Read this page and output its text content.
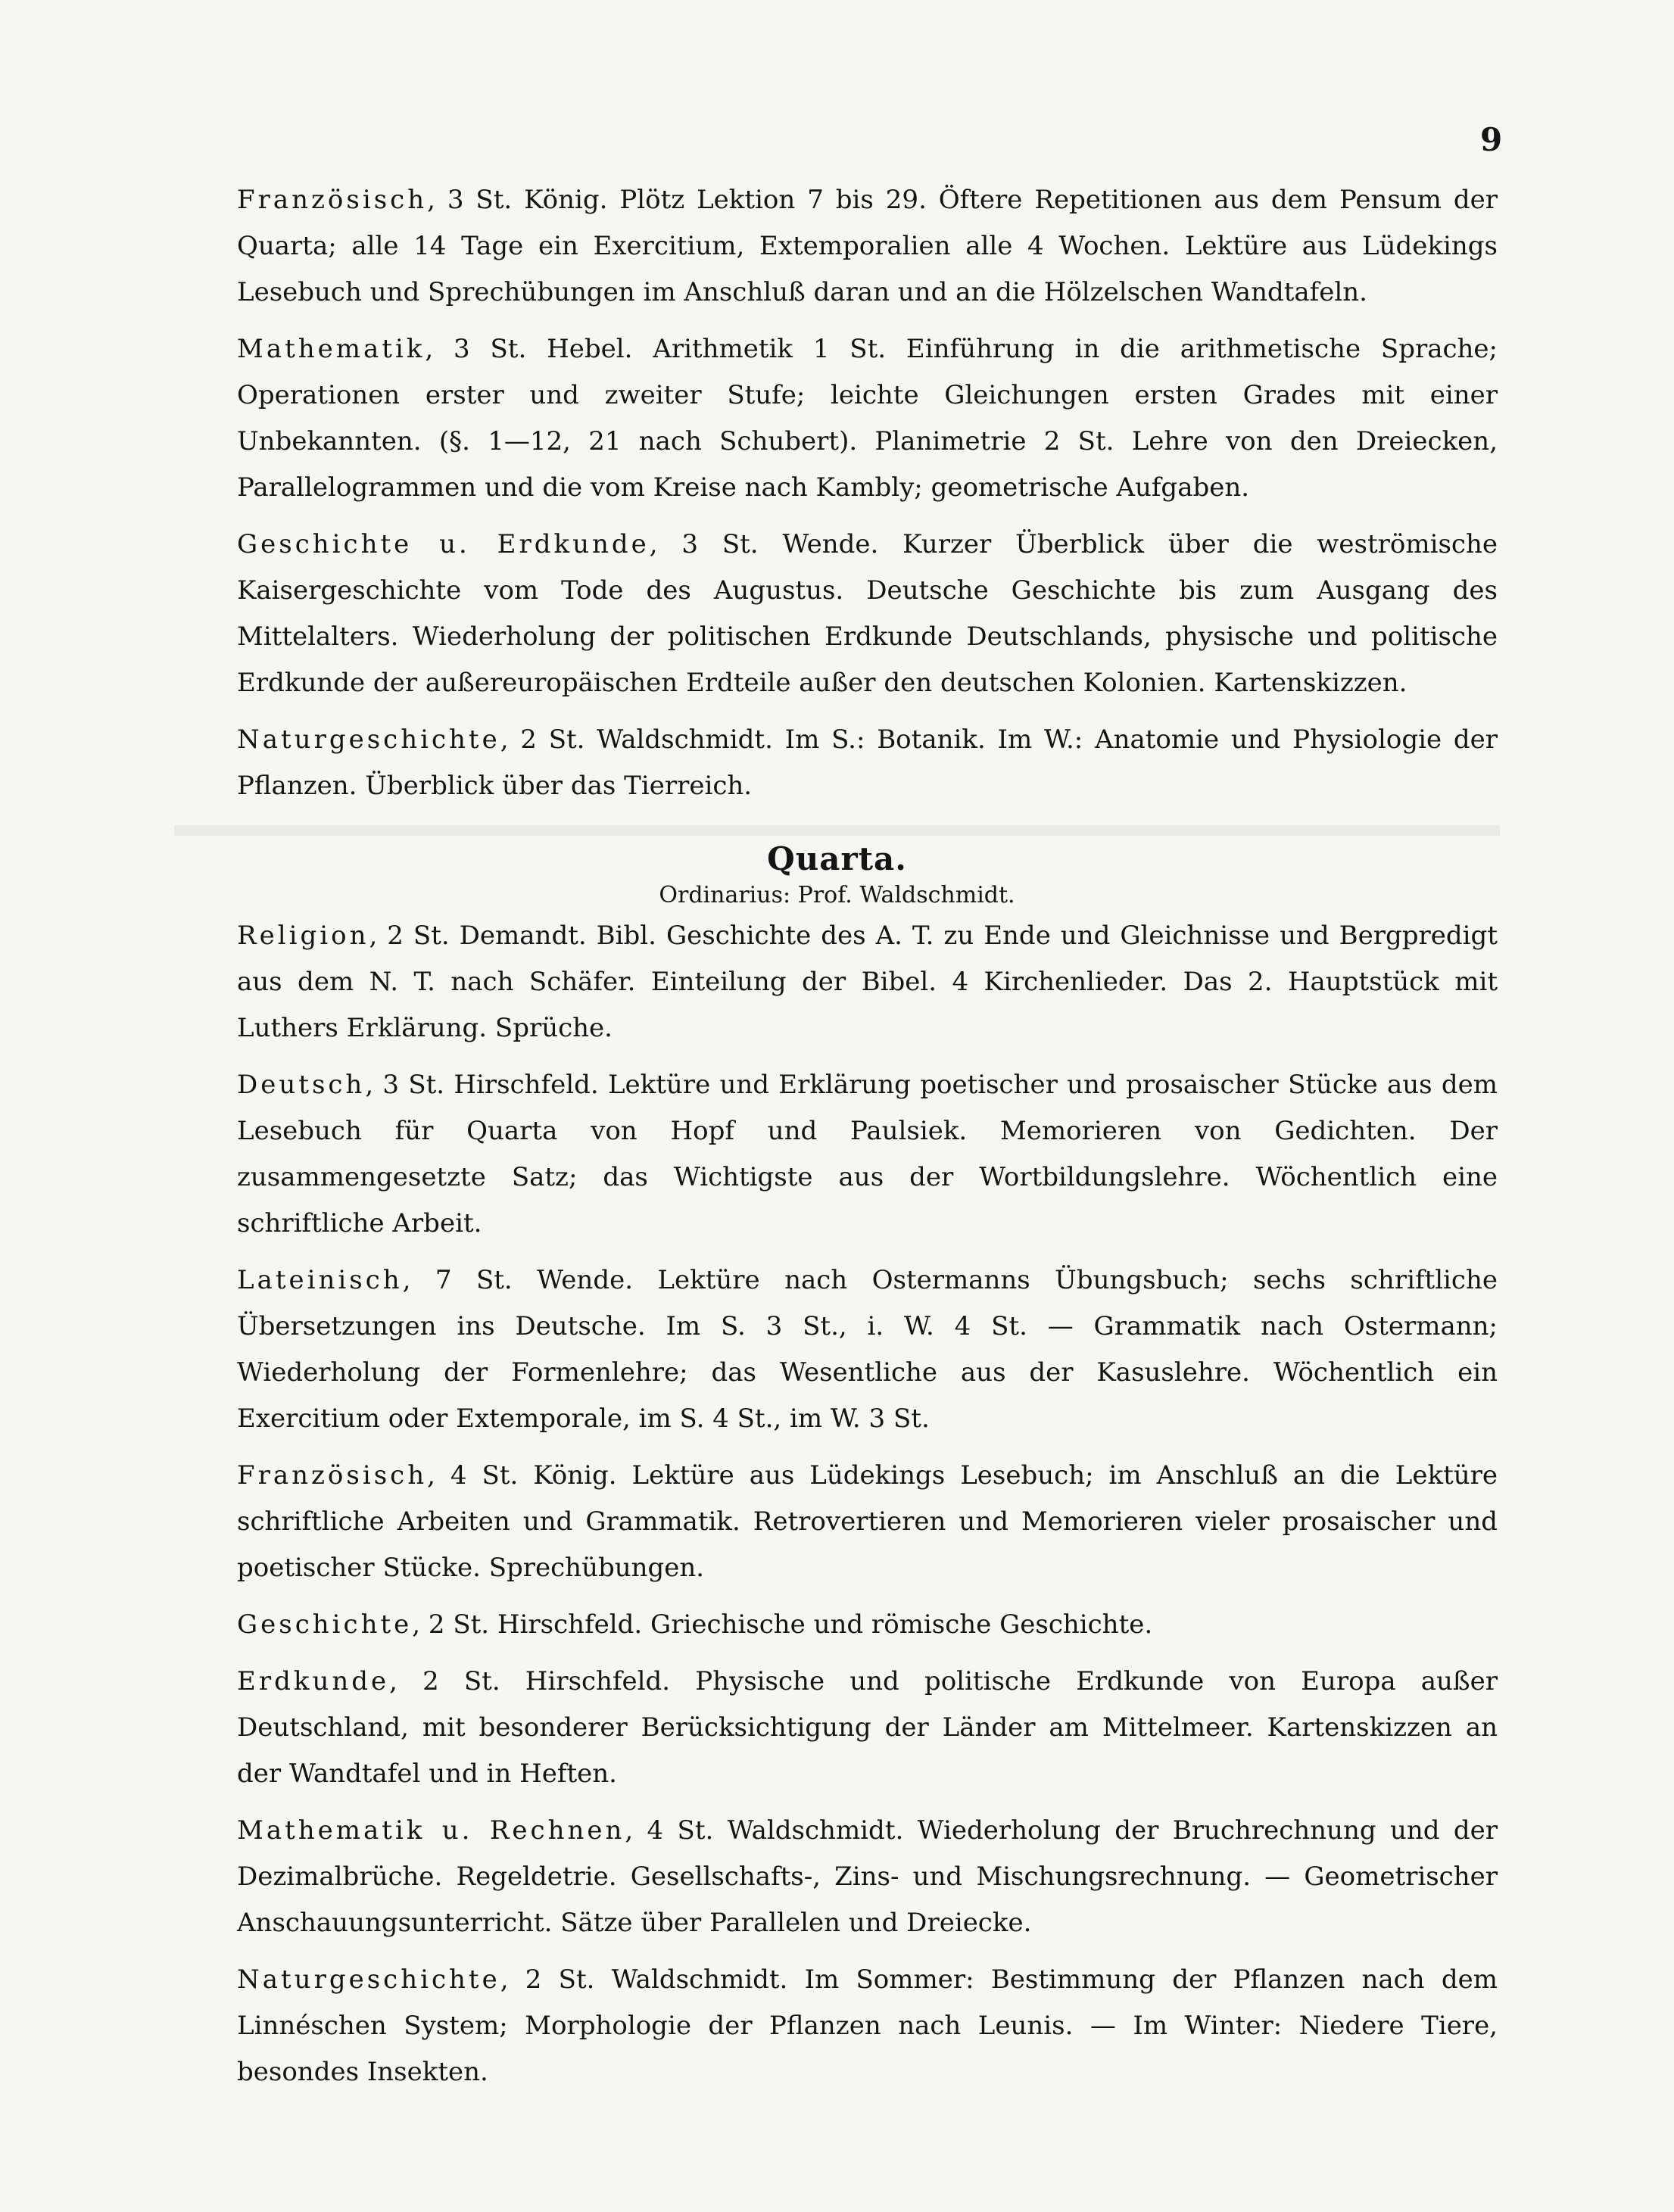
9

Französisch, 3 St. König. Plötz Lektion 7 bis 29. Öftere Repetitionen aus dem Pensum der Quarta; alle 14 Tage ein Exercitium, Extemporalien alle 4 Wochen. Lektüre aus Lüdekings Lesebuch und Sprechübungen im Anschluß daran und an die Hölzelschen Wandtafeln.

Mathematik, 3 St. Hebel. Arithmetik 1 St. Einführung in die arithmetische Sprache; Operationen erster und zweiter Stufe; leichte Gleichungen ersten Grades mit einer Unbekannten. (§. 1—12, 21 nach Schubert). Planimetrie 2 St. Lehre von den Dreiecken, Parallelogrammen und die vom Kreise nach Kambly; geometrische Aufgaben.

Geschichte u. Erdkunde, 3 St. Wende. Kurzer Überblick über die weströmische Kaisergeschichte vom Tode des Augustus. Deutsche Geschichte bis zum Ausgang des Mittelalters. Wiederholung der politischen Erdkunde Deutschlands, physische und politische Erdkunde der außereuropäischen Erdteile außer den deutschen Kolonien. Kartenskizzen.

Naturgeschichte, 2 St. Waldschmidt. Im S.: Botanik. Im W.: Anatomie und Physiologie der Pflanzen. Überblick über das Tierreich.

Quarta.
Ordinarius: Prof. Waldschmidt.

Religion, 2 St. Demandt. Bibl. Geschichte des A. T. zu Ende und Gleichnisse und Bergpredigt aus dem N. T. nach Schäfer. Einteilung der Bibel. 4 Kirchenlieder. Das 2. Hauptstück mit Luthers Erklärung. Sprüche.

Deutsch, 3 St. Hirschfeld. Lektüre und Erklärung poetischer und prosaischer Stücke aus dem Lesebuch für Quarta von Hopf und Paulsiek. Memorieren von Gedichten. Der zusammengesetzte Satz; das Wichtigste aus der Wortbildungslehre. Wöchentlich eine schriftliche Arbeit.

Lateinisch, 7 St. Wende. Lektüre nach Ostermanns Übungsbuch; sechs schriftliche Übersetzungen ins Deutsche. Im S. 3 St., i. W. 4 St. — Grammatik nach Ostermann; Wiederholung der Formenlehre; das Wesentliche aus der Kasuslehre. Wöchentlich ein Exercitium oder Extemporale, im S. 4 St., im W. 3 St.

Französisch, 4 St. König. Lektüre aus Lüdekings Lesebuch; im Anschluß an die Lektüre schriftliche Arbeiten und Grammatik. Retrovertieren und Memorieren vieler prosaischer und poetischer Stücke. Sprechübungen.

Geschichte, 2 St. Hirschfeld. Griechische und römische Geschichte.

Erdkunde, 2 St. Hirschfeld. Physische und politische Erdkunde von Europa außer Deutschland, mit besonderer Berücksichtigung der Länder am Mittelmeer. Kartenskizzen an der Wandtafel und in Heften.

Mathematik u. Rechnen, 4 St. Waldschmidt. Wiederholung der Bruchrechnung und der Dezimalbrüche. Regeldetrie. Gesellschafts-, Zins- und Mischungsrechnung. — Geometrischer Anschauungsunterricht. Sätze über Parallelen und Dreiecke.

Naturgeschichte, 2 St. Waldschmidt. Im Sommer: Bestimmung der Pflanzen nach dem Linnéschen System; Morphologie der Pflanzen nach Leunis. — Im Winter: Niedere Tiere, besondes Insekten.
